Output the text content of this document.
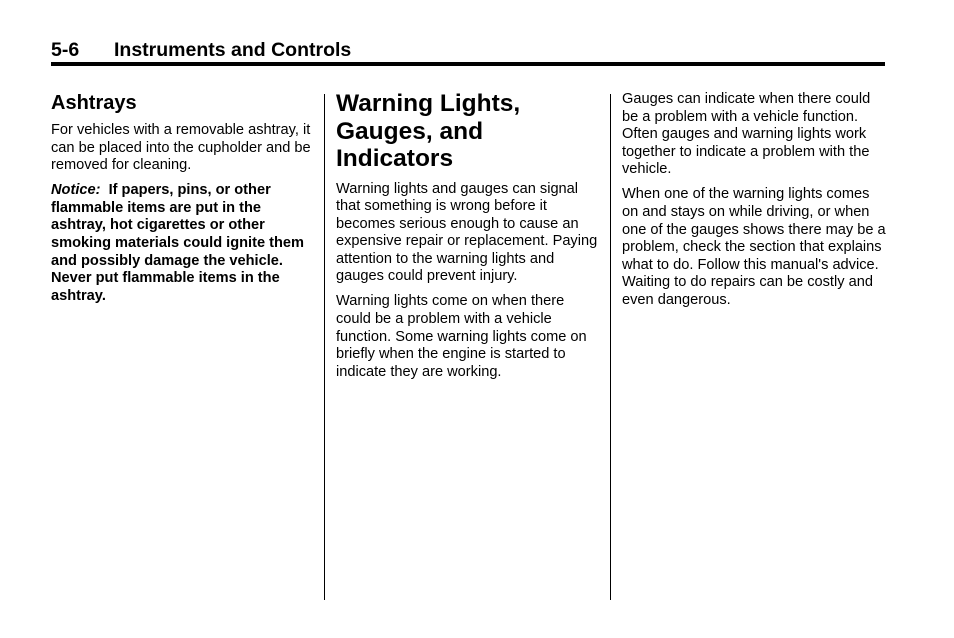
5-6 Instruments and Controls
Ashtrays

For vehicles with a removable ashtray, it can be placed into the cupholder and be removed for cleaning.

Notice: If papers, pins, or other flammable items are put in the ashtray, hot cigarettes or other smoking materials could ignite them and possibly damage the vehicle. Never put flammable items in the ashtray.

Warning Lights, Gauges, and Indicators

Warning lights and gauges can signal that something is wrong before it becomes serious enough to cause an expensive repair or replacement. Paying attention to the warning lights and gauges could prevent injury.

Warning lights come on when there could be a problem with a vehicle function. Some warning lights come on briefly when the engine is started to indicate they are working.

Gauges can indicate when there could be a problem with a vehicle function. Often gauges and warning lights work together to indicate a problem with the vehicle.

When one of the warning lights comes on and stays on while driving, or when one of the gauges shows there may be a problem, check the section that explains what to do. Follow this manual's advice. Waiting to do repairs can be costly and even dangerous.
